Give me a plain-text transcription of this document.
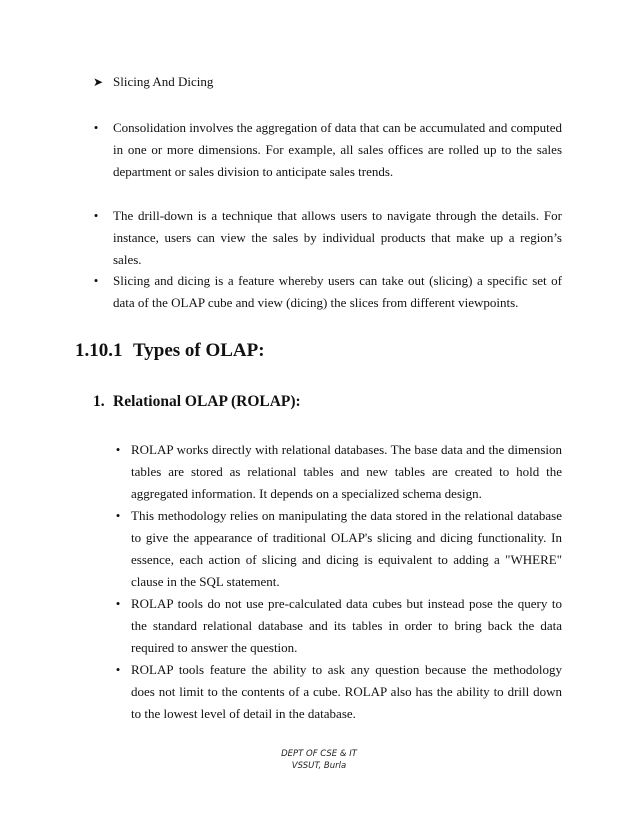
➤ Slicing And Dicing
• Consolidation involves the aggregation of data that can be accumulated and computed in one or more dimensions. For example, all sales offices are rolled up to the sales department or sales division to anticipate sales trends.
• The drill-down is a technique that allows users to navigate through the details. For instance, users can view the sales by individual products that make up a region’s sales.
• Slicing and dicing is a feature whereby users can take out (slicing) a specific set of data of the OLAP cube and view (dicing) the slices from different viewpoints.
1.10.1 Types of OLAP:
1. Relational OLAP (ROLAP):
• ROLAP works directly with relational databases. The base data and the dimension tables are stored as relational tables and new tables are created to hold the aggregated information. It depends on a specialized schema design.
• This methodology relies on manipulating the data stored in the relational database to give the appearance of traditional OLAP's slicing and dicing functionality. In essence, each action of slicing and dicing is equivalent to adding a "WHERE" clause in the SQL statement.
• ROLAP tools do not use pre-calculated data cubes but instead pose the query to the standard relational database and its tables in order to bring back the data required to answer the question.
• ROLAP tools feature the ability to ask any question because the methodology does not limit to the contents of a cube. ROLAP also has the ability to drill down to the lowest level of detail in the database.
DEPT OF CSE & IT
VSSUT, Burla
